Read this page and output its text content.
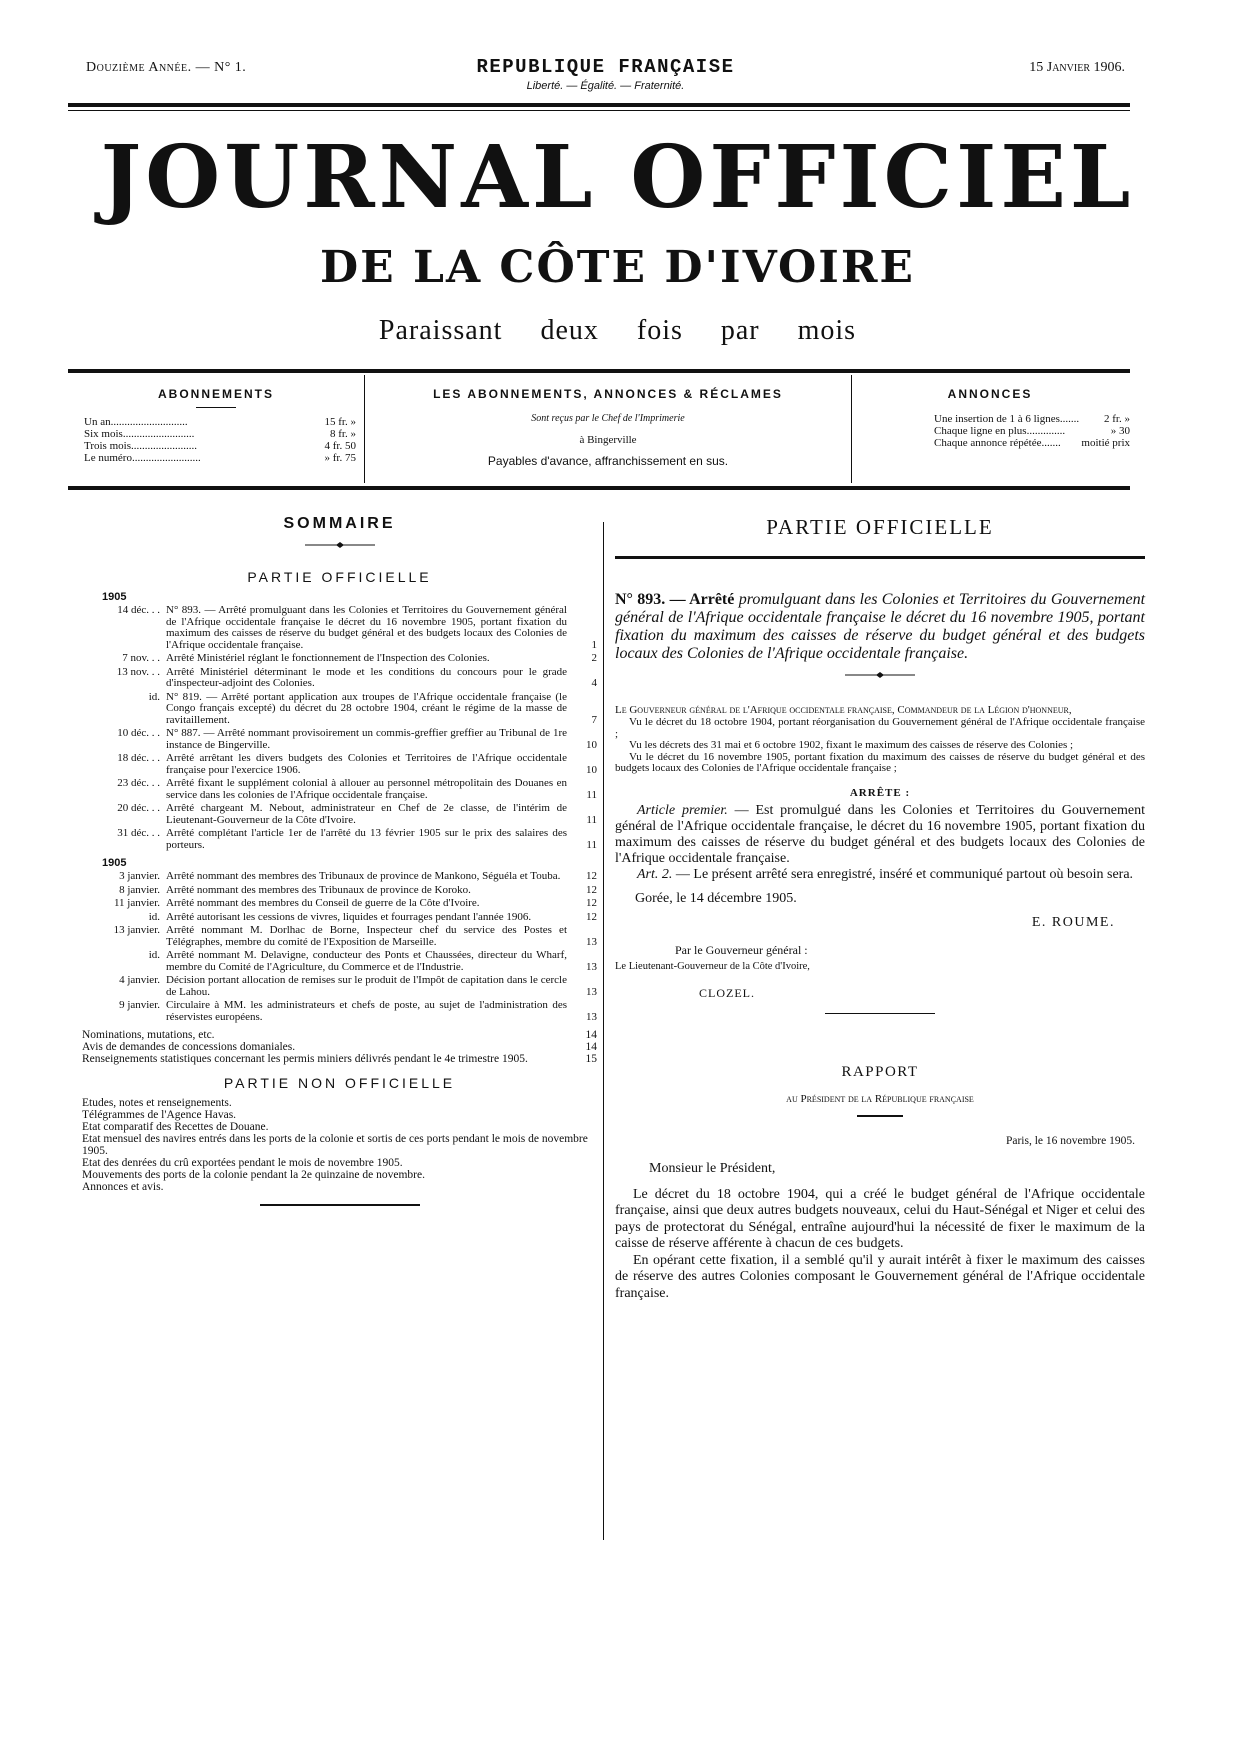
Douzième Année. — N° 1.	REPUBLIQUE FRANÇAISE
Liberté. — Égalité. — Fraternité.
15 Janvier 1906.
JOURNAL OFFICIEL
DE LA CÔTE D'IVOIRE
Paraissant deux fois par mois
ABONNEMENTS
Un an............................	15 fr. »
Six mois..........................	8 fr. »
Trois mois........................	4 fr. 50
Le numéro.........................	» fr. 75
LES ABONNEMENTS, ANNONCES & RÉCLAMES
Sont reçus par le Chef de l'Imprimerie
à Bingerville
Payables d'avance, affranchissement en sus.
ANNONCES
Une insertion de 1 à 6 lignes.......	2 fr. »
Chaque ligne en plus..............	» 30
Chaque annonce répétée.......	moitié prix
SOMMAIRE
PARTIE OFFICIELLE
1905
14 déc. . . N° 893. — Arrêté promulguant dans les Colonies et Territoires du Gouvernement général de l'Afrique occidentale française le décret du 16 novembre 1905, portant fixation du maximum des caisses de réserve du budget général et des budgets locaux des Colonies de l'Afrique occidentale française.	1
7 nov. . . Arrêté Ministériel réglant le fonctionnement de l'Inspection des Colonies.	2
13 nov. . . Arrêté Ministériel déterminant le mode et les conditions du concours pour le grade d'inspecteur-adjoint des Colonies.	4
id. N° 819. — Arrêté portant application aux troupes de l'Afrique occidentale française (le Congo français excepté) du décret du 28 octobre 1904, créant le régime de la masse de ravitaillement.	7
10 déc. . . N° 887. — Arrêté nommant provisoirement un commis-greffier greffier au Tribunal de 1re instance de Bingerville.	10
18 déc. . . Arrêté arrêtant les divers budgets des Colonies et Territoires de l'Afrique occidentale française pour l'exercice 1906.	10
23 déc. . . Arrêté fixant le supplément colonial à allouer au personnel métropolitain des Douanes en service dans les colonies de l'Afrique occidentale française.	11
20 déc. . . Arrêté chargeant M. Nebout, administrateur en Chef de 2e classe, de l'intérim de Lieutenant-Gouverneur de la Côte d'Ivoire.	11
31 déc. . . Arrêté complétant l'article 1er de l'arrêté du 13 février 1905 sur le prix des salaires des porteurs.	11
1905
3 janvier. Arrêté nommant des membres des Tribunaux de province de Mankono, Séguéla et Touba.	12
8 janvier. Arrêté nommant des membres des Tribunaux de province de Koroko.	12
11 janvier. Arrêté nommant des membres du Conseil de guerre de la Côte d'Ivoire.	12
id. Arrêté autorisant les cessions de vivres, liquides et fourrages pendant l'année 1906.	12
13 janvier. Arrêté nommant M. Dorlhac de Borne, Inspecteur chef du service des Postes et Télégraphes, membre du comité de l'Exposition de Marseille.	13
id. Arrêté nommant M. Delavigne, conducteur des Ponts et Chaussées, directeur du Wharf, membre du Comité de l'Agriculture, du Commerce et de l'Industrie.	13
4 janvier. Décision portant allocation de remises sur le produit de l'Impôt de capitation dans le cercle de Lahou.	13
9 janvier. Circulaire à MM. les administrateurs et chefs de poste, au sujet de l'administration des réservistes européens.	13
Nominations, mutations, etc.	14
Avis de demandes de concessions domaniales.	14
Renseignements statistiques concernant les permis miniers délivrés pendant le 4e trimestre 1905.	15
PARTIE NON OFFICIELLE
Etudes, notes et renseignements.
Télégrammes de l'Agence Havas.
Etat comparatif des Recettes de Douane.
Etat mensuel des navires entrés dans les ports de la colonie et sortis de ces ports pendant le mois de novembre 1905.
Etat des denrées du crû exportées pendant le mois de novembre 1905.
Mouvements des ports de la colonie pendant la 2e quinzaine de novembre.
Annonces et avis.
PARTIE OFFICIELLE
N° 893. — Arrêté promulguant dans les Colonies et Territoires du Gouvernement général de l'Afrique occidentale française le décret du 16 novembre 1905, portant fixation du maximum des caisses de réserve du budget général et des budgets locaux des Colonies de l'Afrique occidentale française.
Le Gouverneur général de l'Afrique occidentale française, Commandeur de la Légion d'honneur,
Vu le décret du 18 octobre 1904, portant réorganisation du Gouvernement général de l'Afrique occidentale française ;
Vu les décrets des 31 mai et 6 octobre 1902, fixant le maximum des caisses de réserve des Colonies ;
Vu le décret du 16 novembre 1905, portant fixation du maximum des caisses de réserve du budget général et des budgets locaux des Colonies de l'Afrique occidentale française ;
ARRÊTE :
Article premier. — Est promulgué dans les Colonies et Territoires du Gouvernement général de l'Afrique occidentale française, le décret du 16 novembre 1905, portant fixation du maximum des caisses de réserve du budget général et des budgets locaux des Colonies de l'Afrique occidentale française.
Art. 2. — Le présent arrêté sera enregistré, inséré et communiqué partout où besoin sera.
Gorée, le 14 décembre 1905.
E. ROUME.
Par le Gouverneur général :
Le Lieutenant-Gouverneur de la Côte d'Ivoire,
CLOZEL.
RAPPORT
au Président de la République française
Paris, le 16 novembre 1905.
Monsieur le Président,
Le décret du 18 octobre 1904, qui a créé le budget général de l'Afrique occidentale française, ainsi que deux autres budgets nouveaux, celui du Haut-Sénégal et Niger et celui des pays de protectorat du Sénégal, entraîne aujourd'hui la nécessité de fixer le maximum de la caisse de réserve afférente à chacun de ces budgets.
En opérant cette fixation, il a semblé qu'il y aurait intérêt à fixer le maximum des caisses de réserve des autres Colonies composant le Gouvernement général de l'Afrique occidentale française.
